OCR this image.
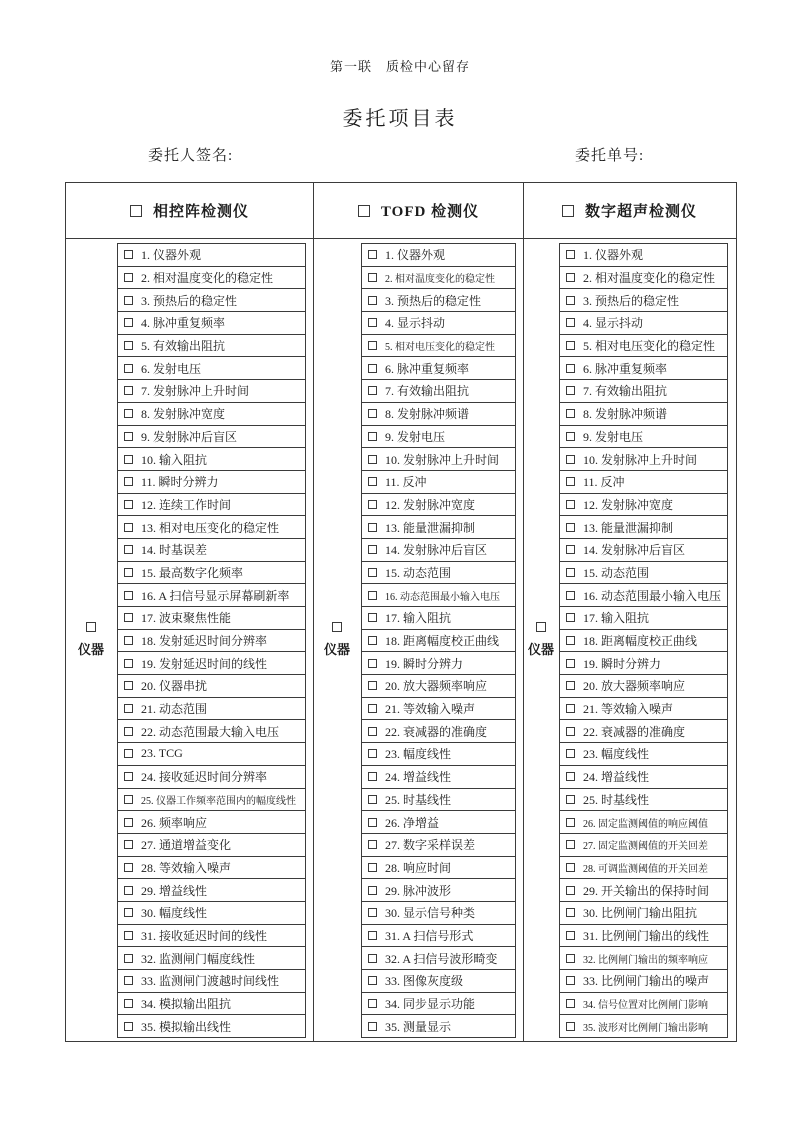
第一联　质检中心留存
委托项目表
委托人签名:	委托单号:
相控阵检测仪	TOFD 检测仪	数字超声检测仪
仪器
1. 仪器外观
2. 相对温度变化的稳定性
3. 预热后的稳定性
4. 脉冲重复频率
5. 有效输出阻抗
6. 发射电压
7. 发射脉冲上升时间
8. 发射脉冲宽度
9. 发射脉冲后盲区
10. 输入阻抗
11. 瞬时分辨力
12. 连续工作时间
13. 相对电压变化的稳定性
14. 时基误差
15. 最高数字化频率
16. A 扫信号显示屏幕刷新率
17. 波束聚焦性能
18. 发射延迟时间分辨率
19. 发射延迟时间的线性
20. 仪器串扰
21. 动态范围
22. 动态范围最大输入电压
23. TCG
24. 接收延迟时间分辨率
25. 仪器工作频率范围内的幅度线性
26. 频率响应
27. 通道增益变化
28. 等效输入噪声
29. 增益线性
30. 幅度线性
31. 接收延迟时间的线性
32. 监测闸门幅度线性
33. 监测闸门渡越时间线性
34. 模拟输出阻抗
35. 模拟输出线性
仪器
1. 仪器外观
2. 相对温度变化的稳定性
3. 预热后的稳定性
4. 显示抖动
5. 相对电压变化的稳定性
6. 脉冲重复频率
7. 有效输出阻抗
8. 发射脉冲频谱
9. 发射电压
10. 发射脉冲上升时间
11. 反冲
12. 发射脉冲宽度
13. 能量泄漏抑制
14. 发射脉冲后盲区
15. 动态范围
16. 动态范围最小输入电压
17. 输入阻抗
18. 距离幅度校正曲线
19. 瞬时分辨力
20. 放大器频率响应
21. 等效输入噪声
22. 衰减器的准确度
23. 幅度线性
24. 增益线性
25. 时基线性
26. 净增益
27. 数字采样误差
28. 响应时间
29. 脉冲波形
30. 显示信号种类
31. A 扫信号形式
32. A 扫信号波形畸变
33. 图像灰度级
34. 同步显示功能
35. 测量显示
仪器
1. 仪器外观
2. 相对温度变化的稳定性
3. 预热后的稳定性
4. 显示抖动
5. 相对电压变化的稳定性
6. 脉冲重复频率
7. 有效输出阻抗
8. 发射脉冲频谱
9. 发射电压
10. 发射脉冲上升时间
11. 反冲
12. 发射脉冲宽度
13. 能量泄漏抑制
14. 发射脉冲后盲区
15. 动态范围
16. 动态范围最小输入电压
17. 输入阻抗
18. 距离幅度校正曲线
19. 瞬时分辨力
20. 放大器频率响应
21. 等效输入噪声
22. 衰减器的准确度
23. 幅度线性
24. 增益线性
25. 时基线性
26. 固定监测阈值的响应阈值
27. 固定监测阈值的开关回差
28. 可调监测阈值的开关回差
29. 开关输出的保持时间
30. 比例闸门输出阻抗
31. 比例闸门输出的线性
32. 比例闸门输出的频率响应
33. 比例闸门输出的噪声
34. 信号位置对比例闸门影响
35. 波形对比例闸门输出影响
